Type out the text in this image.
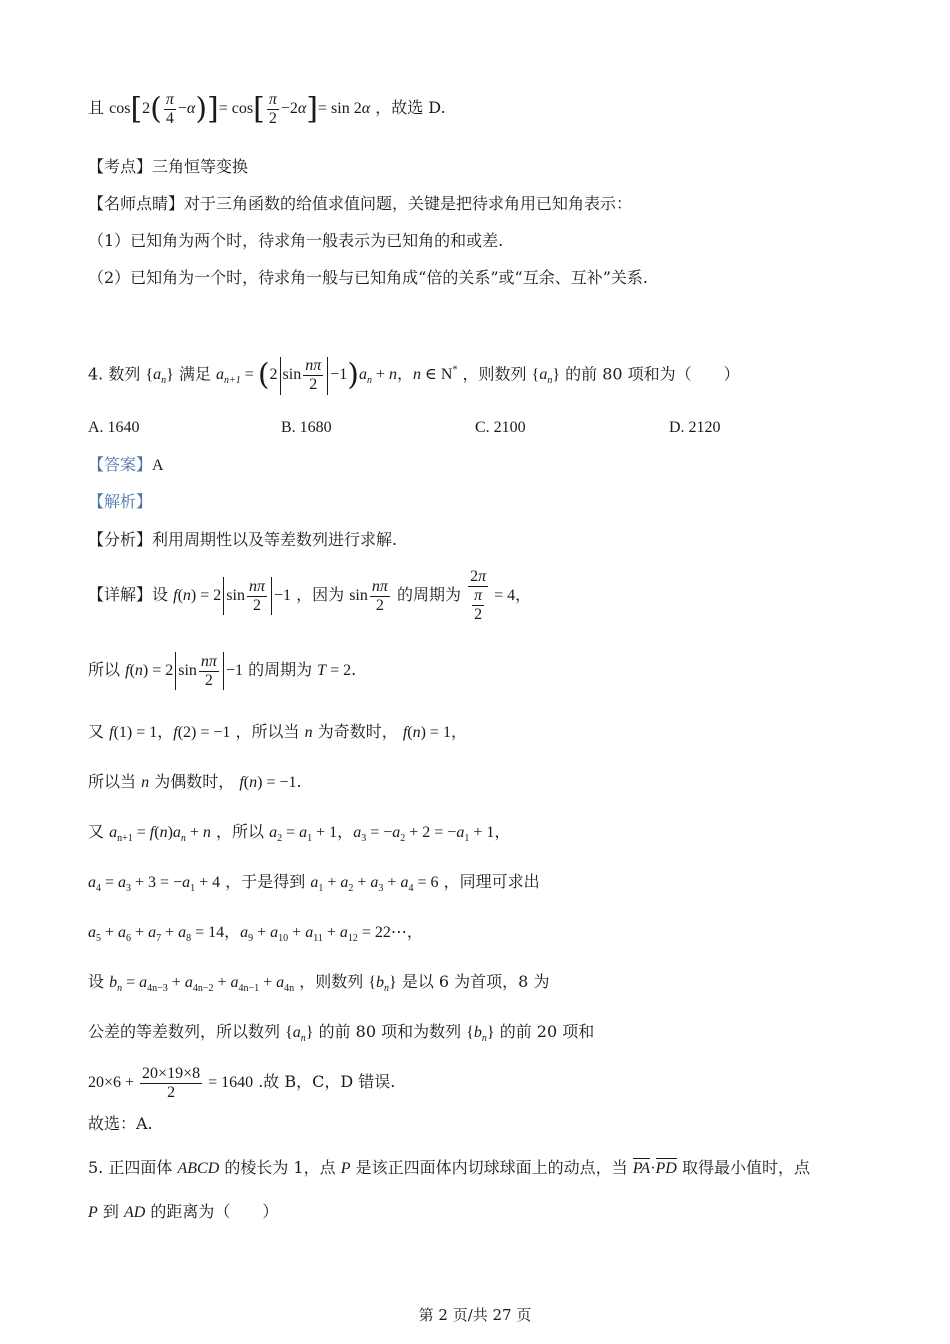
且 $\cos[2( \frac{\pi}{4} -\alpha)]= \cos[ \frac{\pi}{2} -2\alpha]= \sin 2\alpha$ ，故选 D.
【考点】三角恒等变换
【名师点睛】对于三角函数的给值求值问题，关键是把待求角用已知角表示：
（1）已知角为两个时，待求角一般表示为已知角的和或差.
（2）已知角为一个时，待求角一般与已知角成“倍的关系”或“互余、互补”关系.
4. 数列 $\{a_n\}$ 满足 $a_{n+1} = (2$ $\sin \frac{n\pi}{2} -1)a_n + n$，n ∈ N* ，则数列 $\{a_n\}$ 的前 80 项和为（　　）
A. 1640	B. 1680	C. 2100	D. 2120
【答案】A
【解析】
【分析】利用周期性以及等差数列进行求解.
【详解】设 f(n) = 2 $\sin \frac{n\pi}{2} -1$ ，因为 $\sin \frac{n\pi}{2}$ 的周期为 $\frac{2\pi}{\frac{\pi}{2}} = 4$，
所以 f(n) = 2 $\sin \frac{n\pi}{2} -1$ 的周期为 T = 2.
又 f(1) = 1，f(2) = −1 ，所以当 n 为奇数时， f(n) = 1，
所以当 n 为偶数时， f(n) = −1.
又 $a_{n+1} = f(n)a_n + n$ ，所以 $a_2 = a_1 + 1$，$a_3 = -a_2 + 2 = -a_1 + 1$，
$a_4 = a_3 + 3 = -a_1 + 4$ ，于是得到 $a_1 + a_2 + a_3 + a_4 = 6$ ，同理可求出
$a_5 + a_6 + a_7 + a_8 = 14$，$a_9 + a_{10} + a_{11} + a_{12}$ = 22⋯，
设 $b_n = a_{4n-3} + a_{4n-2} + a_{4n-1} + a_{4n}$ ，则数列 $\{b_n\}$ 是以 6 为首项，8 为
公差的等差数列，所以数列 $\{a_n\}$ 的前 80 项和为数列 $\{b_n\}$ 的前 20 项和
$20\times 6 + \frac{20\times 19\times 8}{2} = 1640$ .故 B，C，D 错误.
故选：A.
5. 正四面体 ABCD 的棱长为 1，点 P 是该正四面体内切球球面上的动点，当 PA·PD 取得最小值时，点
P 到 AD 的距离为（　　）
第 2 页/共 27 页
